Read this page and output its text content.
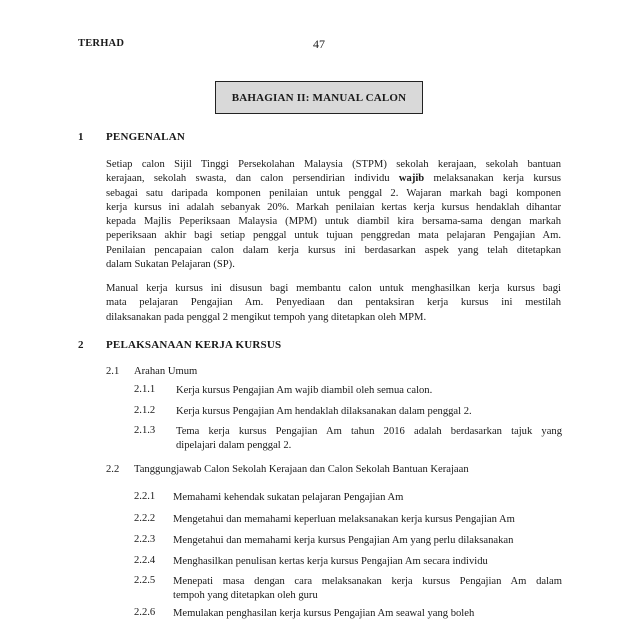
TERHAD	47
BAHAGIAN II: MANUAL CALON
1 PENGENALAN
Setiap calon Sijil Tinggi Persekolahan Malaysia (STPM) sekolah kerajaan, sekolah bantuan
kerajaan, sekolah swasta, dan calon persendirian individu wajib melaksanakan kerja kursus
sebagai satu daripada komponen penilaian untuk penggal 2. Wajaran markah bagi komponen
kerja kursus ini adalah sebanyak 20%. Markah penilaian kertas kerja kursus hendaklah dihantar
kepada Majlis Peperiksaan Malaysia (MPM) untuk diambil kira bersama-sama dengan markah
peperiksaan akhir bagi setiap penggal untuk tujuan penggredan mata pelajaran Pengajian Am.
Penilaian pencapaian calon dalam kerja kursus ini berdasarkan aspek yang telah ditetapkan
dalam Sukatan Pelajaran (SP).
Manual kerja kursus ini disusun bagi membantu calon untuk menghasilkan kerja kursus bagi
mata pelajaran Pengajian Am. Penyediaan dan pentaksiran kerja kursus ini mestilah
dilaksanakan pada penggal 2 mengikut tempoh yang ditetapkan oleh MPM.
2 PELAKSANAAN KERJA KURSUS
2.1 Arahan Umum
2.1.1 Kerja kursus Pengajian Am wajib diambil oleh semua calon.
2.1.2 Kerja kursus Pengajian Am hendaklah dilaksanakan dalam penggal 2.
2.1.3 Tema kerja kursus Pengajian Am tahun 2016 adalah berdasarkan tajuk yang
dipelajari dalam penggal 2.
2.2 Tanggungjawab Calon Sekolah Kerajaan dan Calon Sekolah Bantuan Kerajaan
2.2.1 Memahami kehendak sukatan pelajaran Pengajian Am
2.2.2 Mengetahui dan memahami keperluan melaksanakan kerja kursus Pengajian Am
2.2.3 Mengetahui dan memahami kerja kursus Pengajian Am yang perlu dilaksanakan
2.2.4 Menghasilkan penulisan kertas kerja kursus Pengajian Am secara individu
2.2.5 Menepati masa dengan cara melaksanakan kerja kursus Pengajian Am dalam
tempoh yang ditetapkan oleh guru
2.2.6 Memulakan penghasilan kerja kursus Pengajian Am seawal yang boleh
